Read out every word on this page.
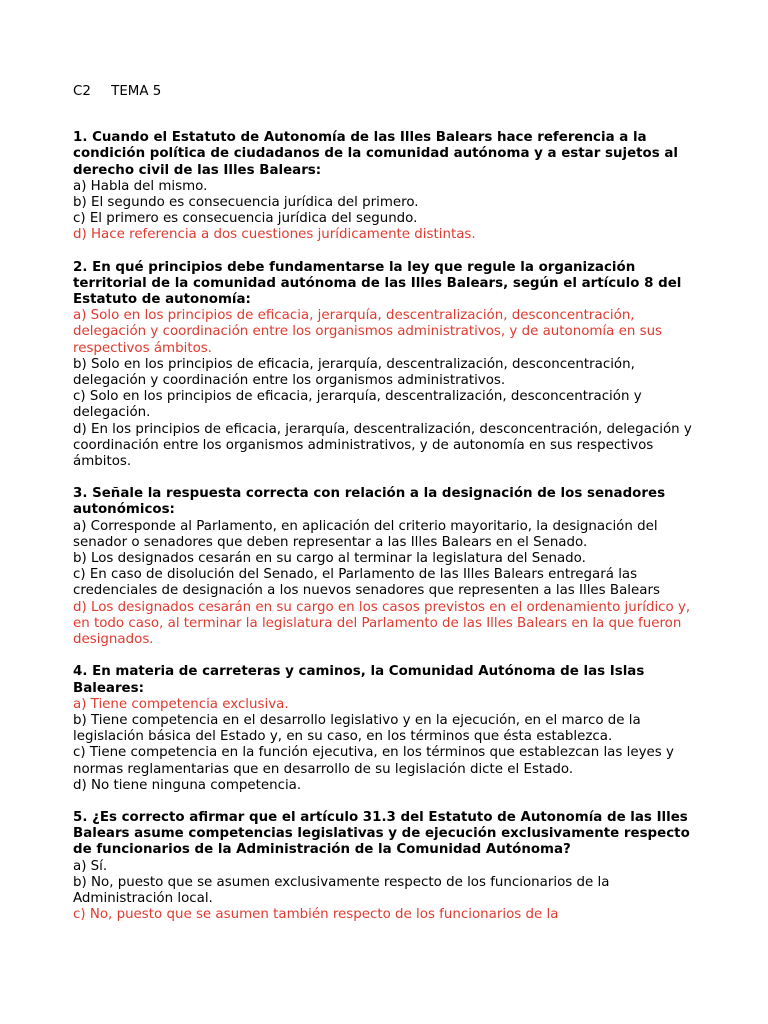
C2 TEMA 5

1. Cuando el Estatuto de Autonomía de las Illes Balears hace referencia a la condición política de ciudadanos de la comunidad autónoma y a estar sujetos al derecho civil de las Illes Balears:

a) Habla del mismo.

b) El segundo es consecuencia jurídica del primero.

c) El primero es consecuencia jurídica del segundo.

d) Hace referencia a dos cuestiones jurídicamente distintas.

2. En qué principios debe fundamentarse la ley que regule la organización territorial de la comunidad autónoma de las Illes Balears, según el artículo 8 del Estatuto de autonomía:

a) Solo en los principios de eficacia, jerarquía, descentralización, desconcentración, delegación y coordinación entre los organismos administrativos, y de autonomía en sus respectivos ámbitos.

b) Solo en los principios de eficacia, jerarquía, descentralización, desconcentración, delegación y coordinación entre los organismos administrativos.

c) Solo en los principios de eficacia, jerarquía, descentralización, desconcentración y delegación.

d) En los principios de eficacia, jerarquía, descentralización, desconcentración, delegación y coordinación entre los organismos administrativos, y de autonomía en sus respectivos ámbitos.

3. Señale la respuesta correcta con relación a la designación de los senadores autonómicos:

a) Corresponde al Parlamento, en aplicación del criterio mayoritario, la designación del senador o senadores que deben representar a las Illes Balears en el Senado.

b) Los designados cesarán en su cargo al terminar la legislatura del Senado.

c) En caso de disolución del Senado, el Parlamento de las Illes Balears entregará las credenciales de designación a los nuevos senadores que representen a las Illes Balears

d) Los designados cesarán en su cargo en los casos previstos en el ordenamiento jurídico y, en todo caso, al terminar la legislatura del Parlamento de las Illes Balears en la que fueron designados.

4. En materia de carreteras y caminos, la Comunidad Autónoma de las Islas Baleares:

a) Tiene competencia exclusiva.

b) Tiene competencia en el desarrollo legislativo y en la ejecución, en el marco de la legislación básica del Estado y, en su caso, en los términos que ésta establezca.

c) Tiene competencia en la función ejecutiva, en los términos que establezcan las leyes y normas reglamentarias que en desarrollo de su legislación dicte el Estado.

d) No tiene ninguna competencia.

5. ¿Es correcto afirmar que el artículo 31.3 del Estatuto de Autonomía de las Illes Balears asume competencias legislativas y de ejecución exclusivamente respecto de funcionarios de la Administración de la Comunidad Autónoma?

a) Sí.

b) No, puesto que se asumen exclusivamente respecto de los funcionarios de la Administración local.

c) No, puesto que se asumen también respecto de los funcionarios de la
